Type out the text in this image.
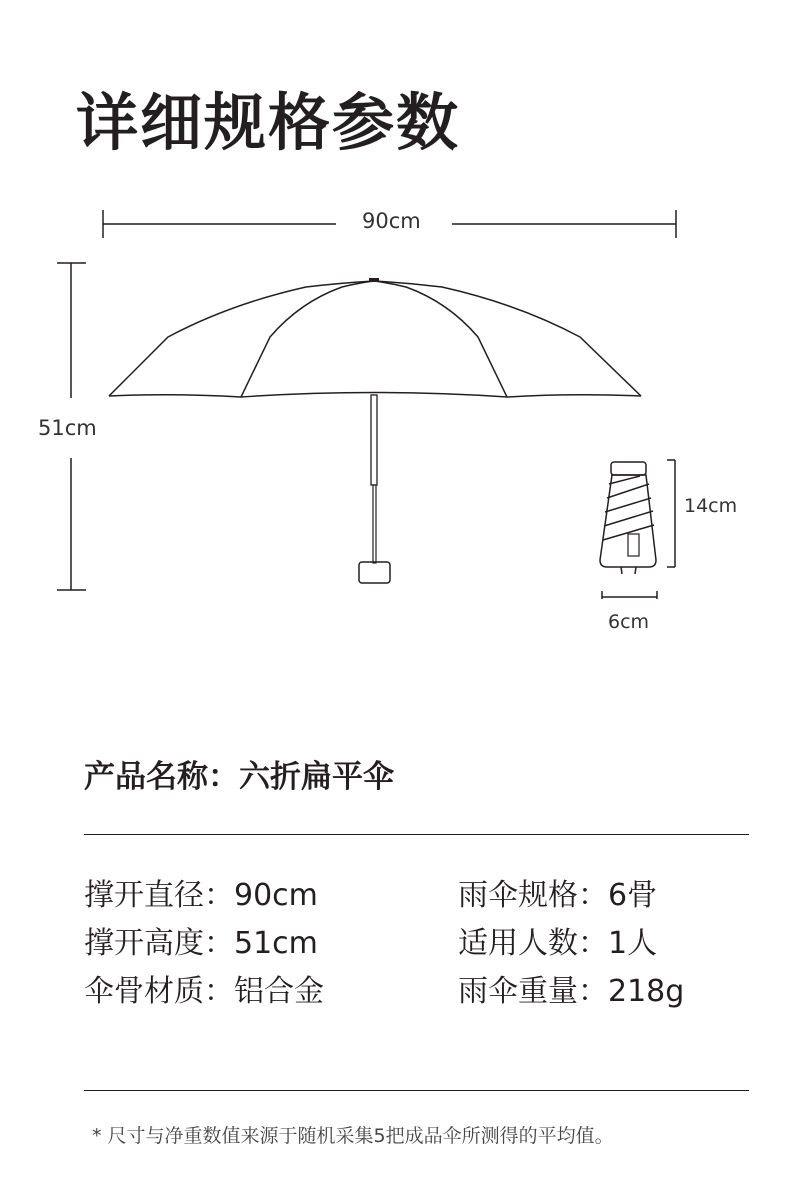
详细规格参数
90cm
51cm
14cm
6cm
产品名称：六折扁平伞
撑开直径：90cm	雨伞规格：6骨
撑开高度：51cm	适用人数：1人
伞骨材质：铝合金	雨伞重量：218g
* 尺寸与净重数值来源于随机采集5把成品伞所测得的平均值。
